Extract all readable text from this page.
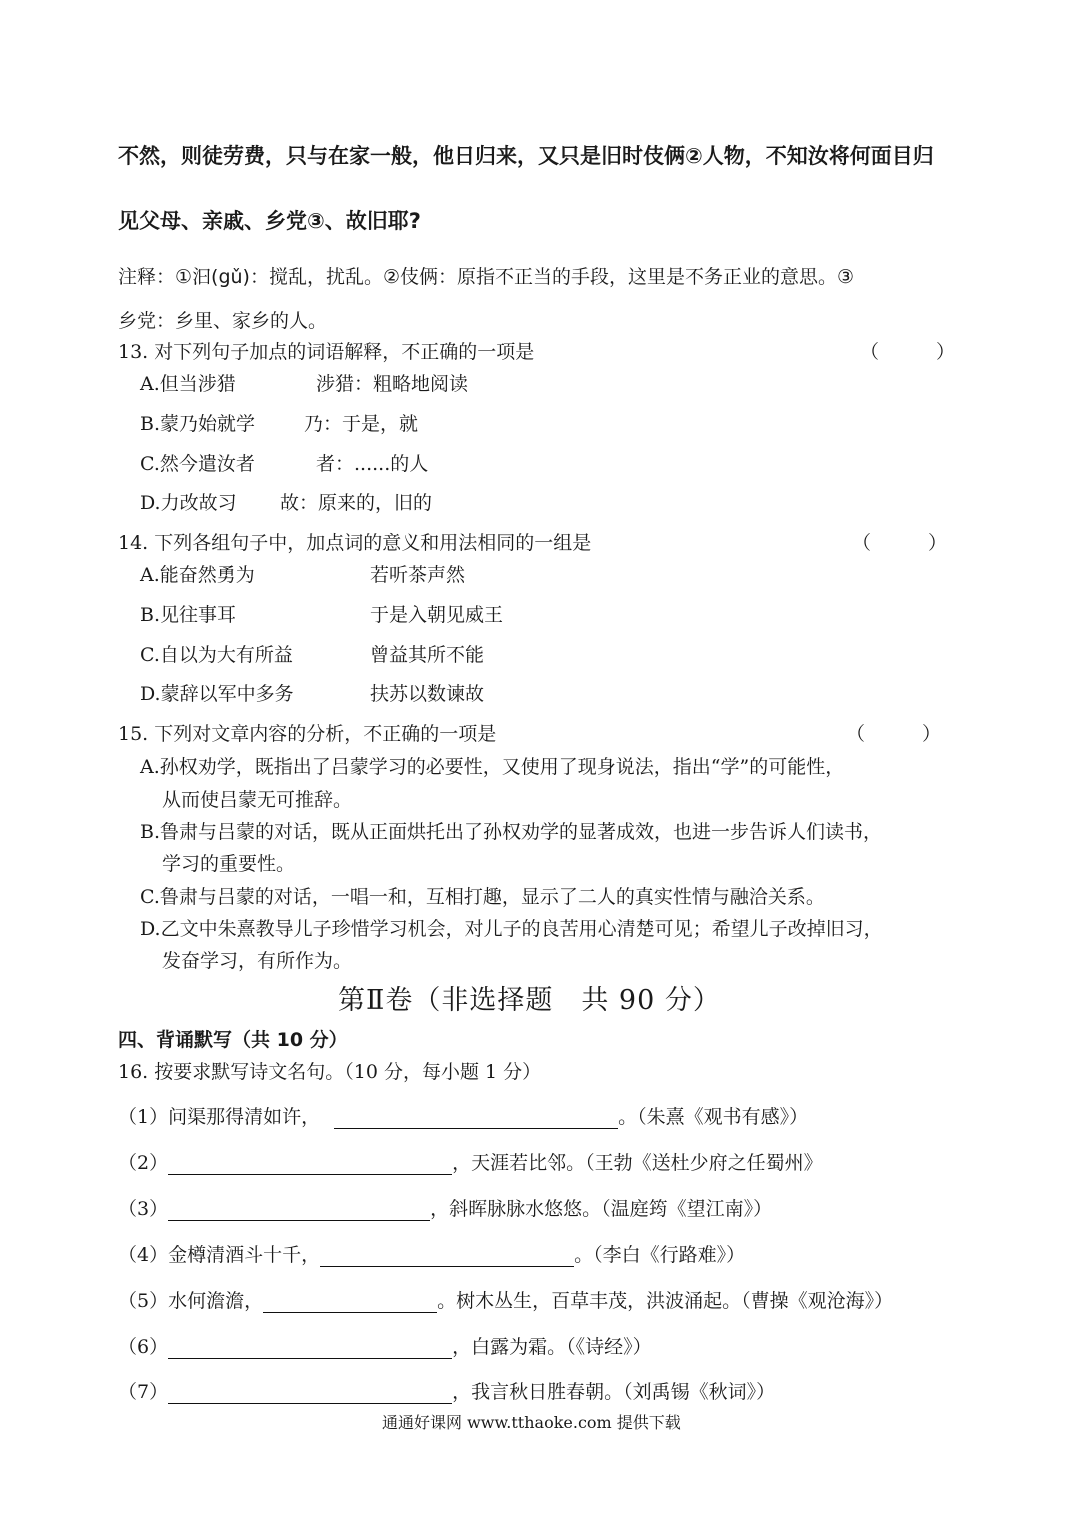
不然，则徒劳费，只与在家一般，他日归来，又只是旧时伎俩②人物，不知汝将何面目归
见父母、亲戚、乡党③、故旧耶?
注释：①汩(gǔ)：搅乱，扰乱。②伎俩：原指不正当的手段，这里是不务正业的意思。③
乡党：乡里、家乡的人。
13. 对下列句子加点的词语解释，不正确的一项是	（　　　）
A.但当涉猎	涉猎：粗略地阅读
B.蒙乃始就学	乃：于是，就
C.然今遣汝者	者：......的人
D.力改故习 故：原来的，旧的
14. 下列各组句子中，加点词的意义和用法相同的一组是	（　　　）
A.能奋然勇为	若听茶声然
B.见往事耳	于是入朝见威王
C.自以为大有所益	曾益其所不能
D.蒙辞以军中多务	扶苏以数谏故
15. 下列对文章内容的分析，不正确的一项是	（　　　）
A.孙权劝学，既指出了吕蒙学习的必要性，又使用了现身说法，指出“学”的可能性，
从而使吕蒙无可推辞。
B.鲁肃与吕蒙的对话，既从正面烘托出了孙权劝学的显著成效，也进一步告诉人们读书，
学习的重要性。
C.鲁肃与吕蒙的对话，一唱一和，互相打趣，显示了二人的真实性情与融洽关系。
D.乙文中朱熹教导儿子珍惜学习机会，对儿子的良苦用心清楚可见；希望儿子改掉旧习，
发奋学习，有所作为。
第Ⅱ卷（非选择题　共 90 分）
四、背诵默写（共 10 分）
16. 按要求默写诗文名句。（10 分，每小题 1 分）
（1）问渠那得清如许，	。（朱熹《观书有感》）
（2）	，天涯若比邻。（王勃《送杜少府之任蜀州》
（3）	，斜晖脉脉水悠悠。（温庭筠《望江南》）
（4）金樽清酒斗十千，	。（李白《行路难》）
（5）水何澹澹，	。树木丛生，百草丰茂，洪波涌起。（曹操《观沧海》）
（6）	，白露为霜。（《诗经》）
（7）	，我言秋日胜春朝。（刘禹锡《秋词》）
通通好课网 www.tthaoke.com 提供下载
